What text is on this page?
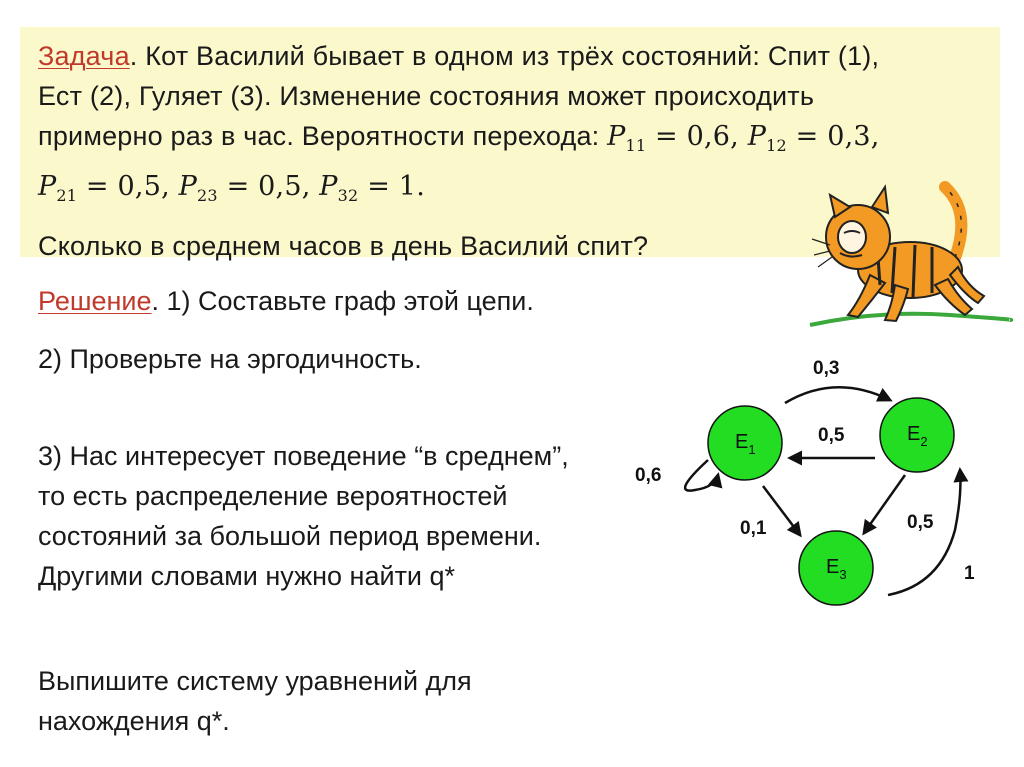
Задача. Кот Василий бывает в одном из трёх состояний: Спит (1),

Ест (2), Гуляет (3). Изменение состояния может происходить

примерно раз в час. Вероятности перехода: $P_{11} = 0,6$, $P_{12} = 0,3$,

$P_{21} = 0,5$, $P_{23} = 0,5$, $P_{32} = 1$.

Сколько в среднем часов в день Василий спит?

Решение. 1) Составьте граф этой цепи.

2) Проверьте на эргодичность.

3) Нас интересует поведение “в среднем”, то есть распределение вероятностей состояний за большой период времени. Другими словами нужно найти q*

Выпишите систему уравнений для нахождения q*.

0,3
0,5
0,6
0,1	0,5
1
$E_1$
$E_2$
$E_3$
